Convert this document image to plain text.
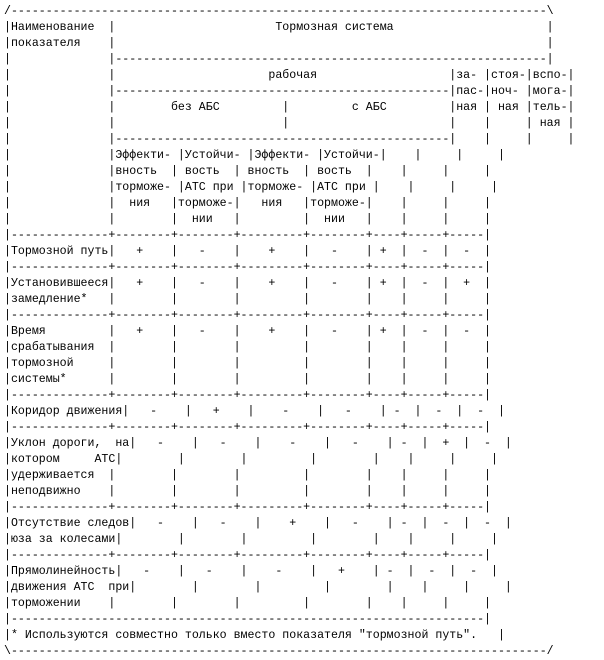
/-----------------------------------------------------------------------------\
|Наименование  |                       Тормозная система                      |
|показателя    |                                                              |
|              |--------------------------------------------------------------|
|              |                      рабочая                   |за- |стоя-|вспо-|
|              |------------------------------------------------|пас-|ноч- |мога-|
|              |        без АБС         |         с АБС         |ная | ная |тель-|
|              |                        |                       |    |     | ная |
|              |------------------------------------------------|    |     |     |
|              |Эффекти- |Устойчи- |Эффекти- |Устойчи-|    |     |     |
|              |вность  | вость  | вность  | вость  |    |     |     |
|              |торможе- |АТС при |торможе- |АТС при |    |     |     |
|              |  ния   |торможе-|   ния   |торможе-|    |     |     |
|              |        |  нии   |         |  нии   |    |     |     |
|--------------+--------+--------+---------+--------+----+-----+-----|
|Тормозной путь|   +    |   -    |    +    |   -    | +  |  -  |  -  |
|--------------+--------+--------+---------+--------+----+-----+-----|
|Установившееся|   +    |   -    |    +    |   -    | +  |  -  |  +  |
|замедление*   |        |        |         |        |    |     |     |
|--------------+--------+--------+---------+--------+----+-----+-----|
|Время         |   +    |   -    |    +    |   -    | +  |  -  |  -  |
|срабатывания  |        |        |         |        |    |     |     |
|тормозной     |        |        |         |        |    |     |     |
|системы*      |        |        |         |        |    |     |     |
|--------------+--------+--------+---------+--------+----+-----+-----|
|Коридор движения|   -    |   +    |    -    |   -    | -  |  -  |  -  |
|--------------+--------+--------+---------+--------+----+-----+-----|
|Уклон дороги,  на|   -    |   -    |    -    |   -    | -  |  +  |  -  |
|котором     АТС|        |        |         |        |    |     |     |
|удерживается  |        |        |         |        |    |     |     |
|неподвижно    |        |        |         |        |    |     |     |
|--------------+--------+--------+---------+--------+----+-----+-----|
|Отсутствие следов|   -    |   -    |    +    |   -    | -  |  -  |  -  |
|юза за колесами|        |        |         |        |    |     |     |
|--------------+--------+--------+---------+--------+----+-----+-----|
|Прямолинейность|   -    |   -    |    -    |   +    | -  |  -  |  -  |
|движения АТС  при|        |        |         |        |    |     |     |
|торможении    |        |        |         |        |    |     |     |
|--------------------------------------------------------------------|
|* Используются совместно только вместо показателя "тормозной путь".   |
\-----------------------------------------------------------------------------/
